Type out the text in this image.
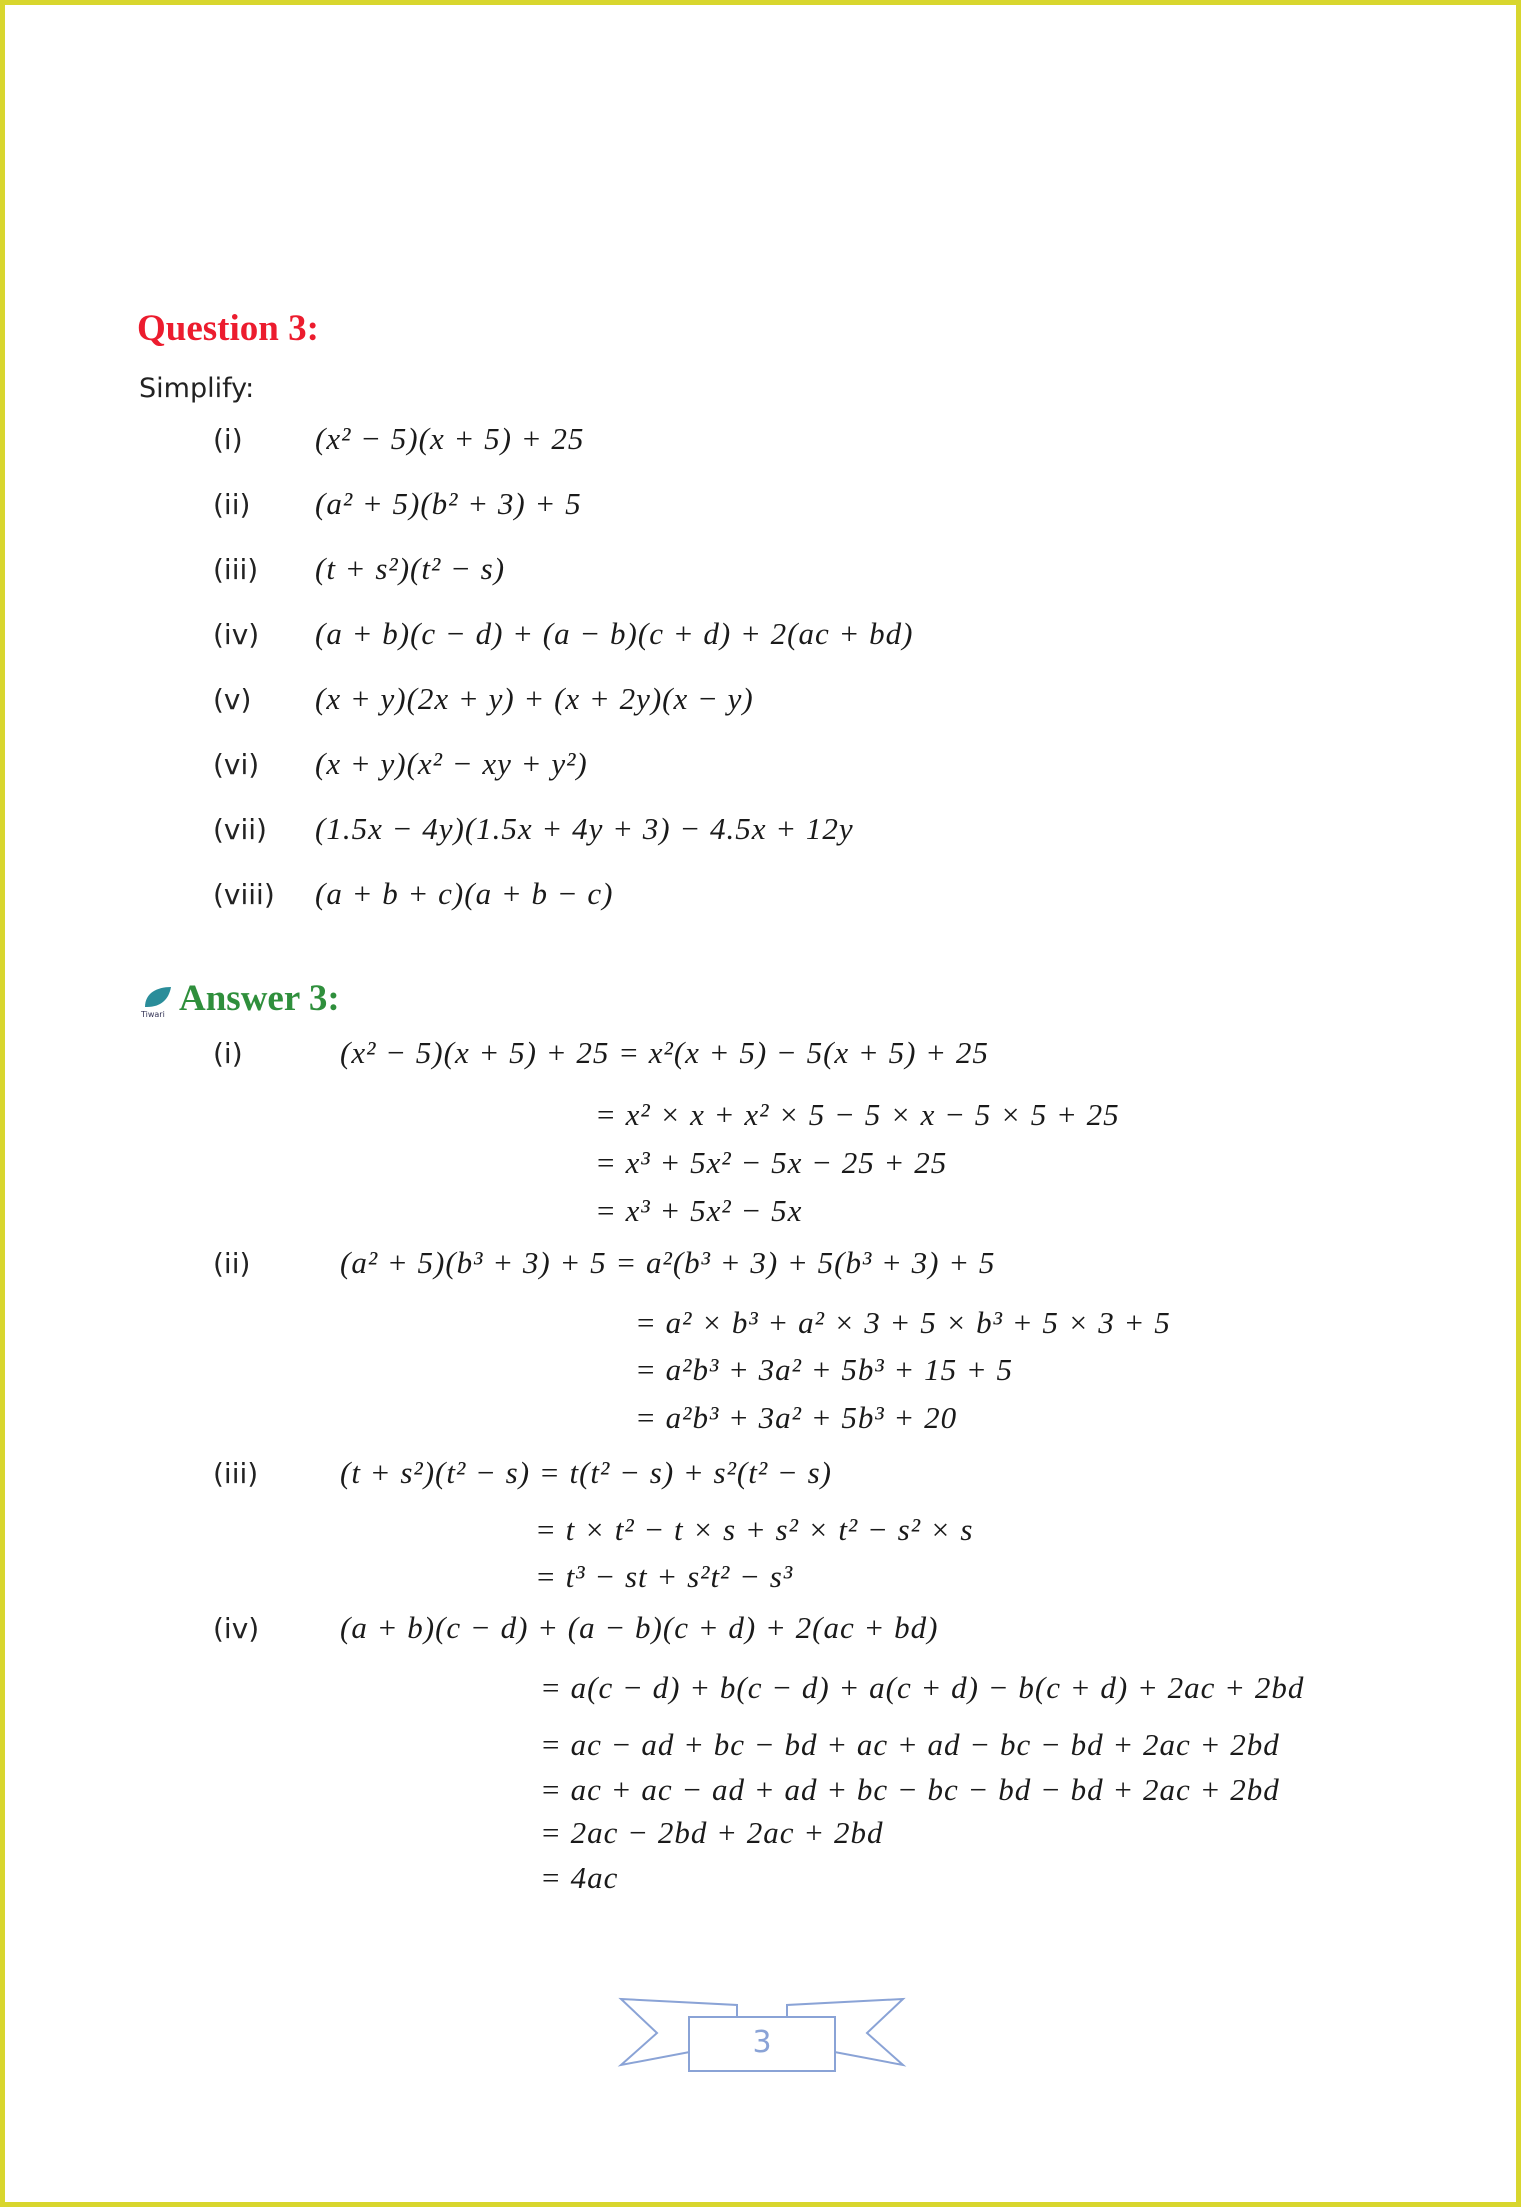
Question 3:
Simplify:
(i) (x² − 5)(x + 5) + 25
(ii) (a² + 5)(b² + 3) + 5
(iii) (t + s²)(t² − s)
(iv) (a + b)(c − d) + (a − b)(c + d) + 2(ac + bd)
(v) (x + y)(2x + y) + (x + 2y)(x − y)
(vi) (x + y)(x² − xy + y²)
(vii) (1.5x − 4y)(1.5x + 4y + 3) − 4.5x + 12y
(viii) (a + b + c)(a + b − c)
Tiwari Answer 3:
(i)	(x² − 5)(x + 5) + 25 = x²(x + 5) − 5(x + 5) + 25
= x² × x + x² × 5 − 5 × x − 5 × 5 + 25
= x³ + 5x² − 5x − 25 + 25
= x³ + 5x² − 5x
(ii)	(a² + 5)(b³ + 3) + 5 = a²(b³ + 3) + 5(b³ + 3) + 5
= a² × b³ + a² × 3 + 5 × b³ + 5 × 3 + 5
= a²b³ + 3a² + 5b³ + 15 + 5
= a²b³ + 3a² + 5b³ + 20
(iii)	(t + s²)(t² − s) = t(t² − s) + s²(t² − s)
= t × t² − t × s + s² × t² − s² × s
= t³ − st + s²t² − s³
(iv)	(a + b)(c − d) + (a − b)(c + d) + 2(ac + bd)
= a(c − d) + b(c − d) + a(c + d) − b(c + d) + 2ac + 2bd
= ac − ad + bc − bd + ac + ad − bc − bd + 2ac + 2bd
= ac + ac − ad + ad + bc − bc − bd − bd + 2ac + 2bd
= 2ac − 2bd + 2ac + 2bd
= 4ac
3
